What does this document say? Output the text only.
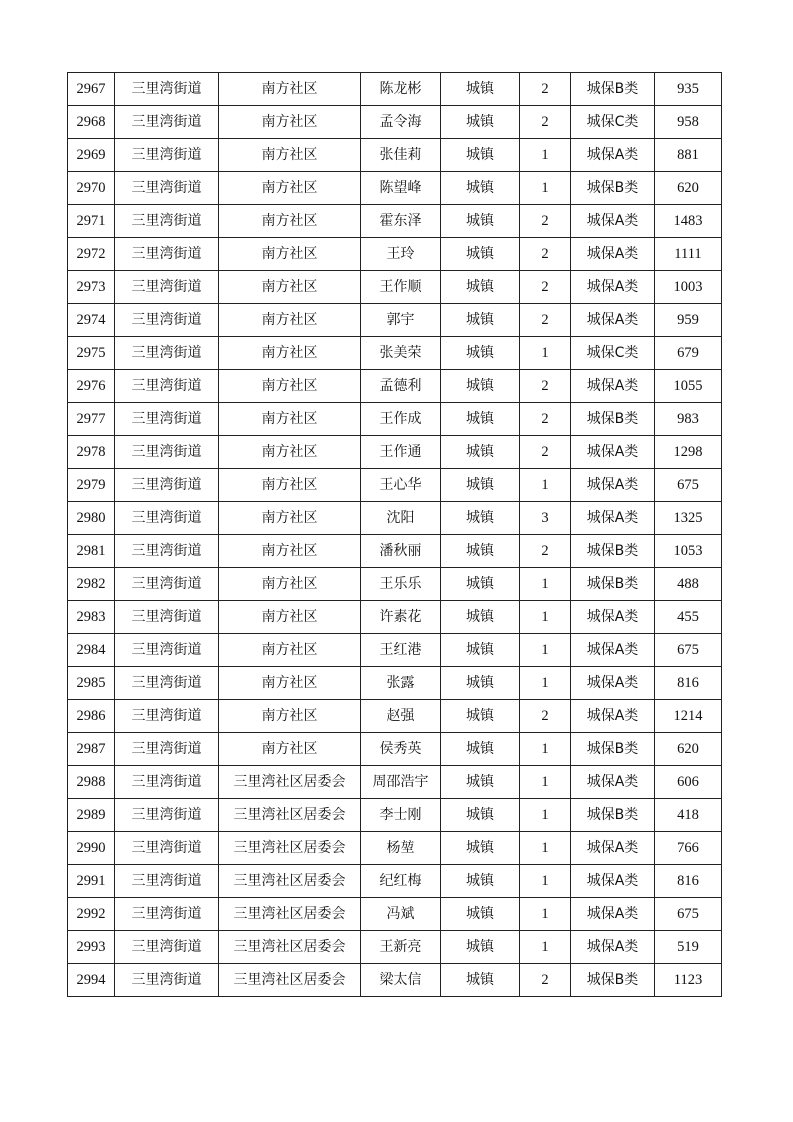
2967	三里湾街道	南方社区	陈龙彬	城镇	2	城保B类	935
2968	三里湾街道	南方社区	孟令海	城镇	2	城保C类	958
2969	三里湾街道	南方社区	张佳莉	城镇	1	城保A类	881
2970	三里湾街道	南方社区	陈望峰	城镇	1	城保B类	620
2971	三里湾街道	南方社区	霍东泽	城镇	2	城保A类	1483
2972	三里湾街道	南方社区	王玲	城镇	2	城保A类	1111
2973	三里湾街道	南方社区	王作顺	城镇	2	城保A类	1003
2974	三里湾街道	南方社区	郭宇	城镇	2	城保A类	959
2975	三里湾街道	南方社区	张美荣	城镇	1	城保C类	679
2976	三里湾街道	南方社区	孟德利	城镇	2	城保A类	1055
2977	三里湾街道	南方社区	王作成	城镇	2	城保B类	983
2978	三里湾街道	南方社区	王作通	城镇	2	城保A类	1298
2979	三里湾街道	南方社区	王心华	城镇	1	城保A类	675
2980	三里湾街道	南方社区	沈阳	城镇	3	城保A类	1325
2981	三里湾街道	南方社区	潘秋丽	城镇	2	城保B类	1053
2982	三里湾街道	南方社区	王乐乐	城镇	1	城保B类	488
2983	三里湾街道	南方社区	许素花	城镇	1	城保A类	455
2984	三里湾街道	南方社区	王红港	城镇	1	城保A类	675
2985	三里湾街道	南方社区	张露	城镇	1	城保A类	816
2986	三里湾街道	南方社区	赵强	城镇	2	城保A类	1214
2987	三里湾街道	南方社区	侯秀英	城镇	1	城保B类	620
2988	三里湾街道	三里湾社区居委会	周邵浩宇	城镇	1	城保A类	606
2989	三里湾街道	三里湾社区居委会	李士刚	城镇	1	城保B类	418
2990	三里湾街道	三里湾社区居委会	杨堃	城镇	1	城保A类	766
2991	三里湾街道	三里湾社区居委会	纪红梅	城镇	1	城保A类	816
2992	三里湾街道	三里湾社区居委会	冯斌	城镇	1	城保A类	675
2993	三里湾街道	三里湾社区居委会	王新亮	城镇	1	城保A类	519
2994	三里湾街道	三里湾社区居委会	梁太信	城镇	2	城保B类	1123
